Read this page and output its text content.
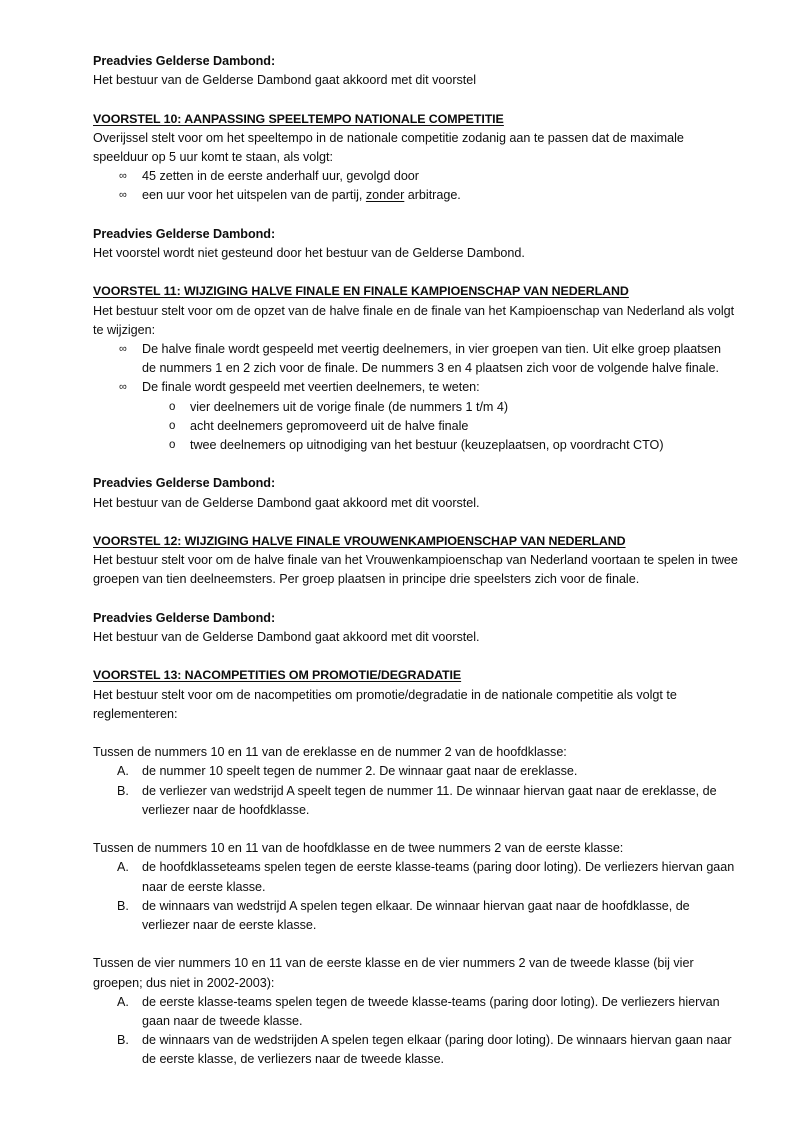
Preadvies Gelderse Dambond:

Het bestuur van de Gelderse Dambond gaat akkoord met dit voorstel

VOORSTEL 10: AANPASSING SPEELTEMPO NATIONALE COMPETITIE

Overijssel stelt voor om het speeltempo in de nationale competitie zodanig aan te passen dat de maximale speelduur op 5 uur komt te staan, als volgt:

∞ 45 zetten in de eerste anderhalf uur, gevolgd door
∞ een uur voor het uitspelen van de partij, zonder arbitrage.

Preadvies Gelderse Dambond:

Het voorstel wordt niet gesteund door het bestuur van de Gelderse Dambond.

VOORSTEL 11: WIJZIGING HALVE FINALE EN FINALE KAMPIOENSCHAP VAN NEDERLAND

Het bestuur stelt voor om de opzet van de halve finale en de finale van het Kampioenschap van Nederland als volgt te wijzigen:

∞ De halve finale wordt gespeeld met veertig deelnemers, in vier groepen van tien. Uit elke groep plaatsen de nummers 1 en 2 zich voor de finale. De nummers 3 en 4 plaatsen zich voor de volgende halve finale.
∞ De finale wordt gespeeld met veertien deelnemers, te weten:
o vier deelnemers uit de vorige finale (de nummers 1 t/m 4)
o acht deelnemers gepromoveerd uit de halve finale
o twee deelnemers op uitnodiging van het bestuur (keuzeplaatsen, op voordracht CTO)

Preadvies Gelderse Dambond:

Het bestuur van de Gelderse Dambond gaat akkoord met dit voorstel.

VOORSTEL 12: WIJZIGING HALVE FINALE VROUWENKAMPIOENSCHAP VAN NEDERLAND

Het bestuur stelt voor om de halve finale van het Vrouwenkampioenschap van Nederland voortaan te spelen in twee groepen van tien deelneemsters. Per groep plaatsen in principe drie speelsters zich voor de finale.

Preadvies Gelderse Dambond:

Het bestuur van de Gelderse Dambond gaat akkoord met dit voorstel.

VOORSTEL 13: NACOMPETITIES OM PROMOTIE/DEGRADATIE

Het bestuur stelt voor om de nacompetities om promotie/degradatie in de nationale competitie als volgt te reglementeren:

Tussen de nummers 10 en 11 van de ereklasse en de nummer 2 van de hoofdklasse:

A. de nummer 10 speelt tegen de nummer 2. De winnaar gaat naar de ereklasse.
B. de verliezer van wedstrijd A speelt tegen de nummer 11. De winnaar hiervan gaat naar de ereklasse, de verliezer naar de hoofdklasse.

Tussen de nummers 10 en 11 van de hoofdklasse en de twee nummers 2 van de eerste klasse:

A. de hoofdklasseteams spelen tegen de eerste klasse-teams (paring door loting). De verliezers hiervan gaan naar de eerste klasse.
B. de winnaars van wedstrijd A spelen tegen elkaar. De winnaar hiervan gaat naar de hoofdklasse, de verliezer naar de eerste klasse.

Tussen de vier nummers 10 en 11 van de eerste klasse en de vier nummers 2 van de tweede klasse (bij vier groepen; dus niet in 2002-2003):

A. de eerste klasse-teams spelen tegen de tweede klasse-teams (paring door loting). De verliezers hiervan gaan naar de tweede klasse.
B. de winnaars van de wedstrijden A spelen tegen elkaar (paring door loting). De winnaars hiervan gaan naar de eerste klasse, de verliezers naar de tweede klasse.
